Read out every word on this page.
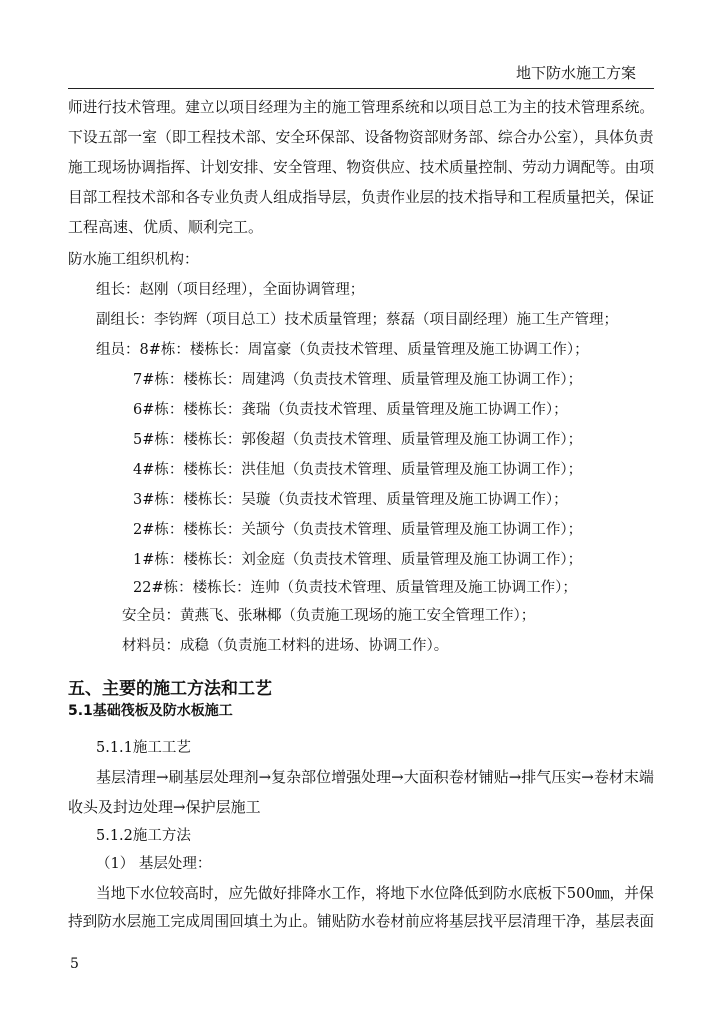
地下防水施工方案
师进行技术管理。建立以项目经理为主的施工管理系统和以项目总工为主的技术管理系统。
下设五部一室（即工程技术部、安全环保部、设备物资部财务部、综合办公室），具体负责
施工现场协调指挥、计划安排、安全管理、物资供应、技术质量控制、劳动力调配等。由项
目部工程技术部和各专业负责人组成指导层，负责作业层的技术指导和工程质量把关，保证
工程高速、优质、顺利完工。
防水施工组织机构：
组长：赵刚（项目经理），全面协调管理；
副组长：李钧辉（项目总工）技术质量管理；蔡磊（项目副经理）施工生产管理；
组员：8#栋：楼栋长：周富豪（负责技术管理、质量管理及施工协调工作）；
7#栋：楼栋长：周建鸿（负责技术管理、质量管理及施工协调工作）；
6#栋：楼栋长：龚瑞（负责技术管理、质量管理及施工协调工作）；
5#栋：楼栋长：郭俊超（负责技术管理、质量管理及施工协调工作）；
4#栋：楼栋长：洪佳旭（负责技术管理、质量管理及施工协调工作）；
3#栋：楼栋长：吴璇（负责技术管理、质量管理及施工协调工作）；
2#栋：楼栋长：关颉兮（负责技术管理、质量管理及施工协调工作）；
1#栋：楼栋长：刘金庭（负责技术管理、质量管理及施工协调工作）；
22#栋：楼栋长：连帅（负责技术管理、质量管理及施工协调工作）；
安全员：黄燕飞、张琳椰（负责施工现场的施工安全管理工作）；
材料员：成稳（负责施工材料的进场、协调工作）。
五、主要的施工方法和工艺
5.1基础筏板及防水板施工
5.1.1施工工艺
基层清理→刷基层处理剂→复杂部位增强处理→大面积卷材铺贴→排气压实→卷材末端
收头及封边处理→保护层施工
5.1.2施工方法
（1） 基层处理：
当地下水位较高时，应先做好排降水工作，将地下水位降低到防水底板下500㎜，并保
持到防水层施工完成周围回填土为止。铺贴防水卷材前应将基层找平层清理干净，基层表面
5
